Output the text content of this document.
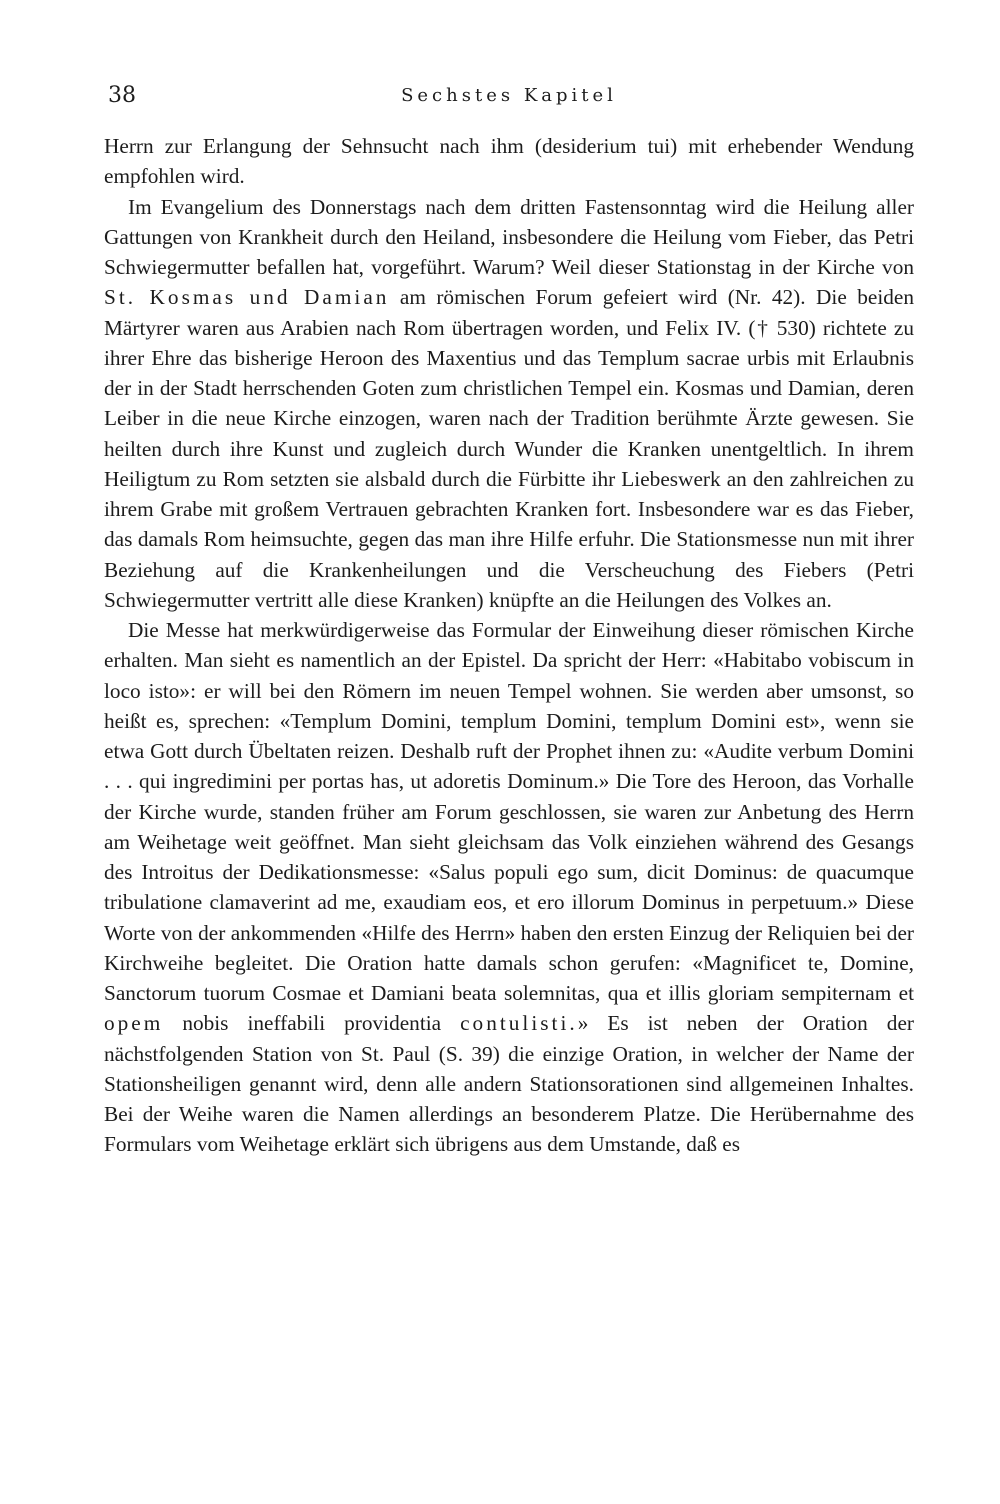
38	Sechstes Kapitel

Herrn zur Erlangung der Sehnsucht nach ihm (desiderium tui) mit erhebender Wendung empfohlen wird.

Im Evangelium des Donnerstags nach dem dritten Fastensonntag wird die Heilung aller Gattungen von Krankheit durch den Heiland, insbesondere die Heilung vom Fieber, das Petri Schwiegermutter befallen hat, vorgeführt. Warum? Weil dieser Stationstag in der Kirche von St. Kosmas und Damian am römischen Forum gefeiert wird (Nr. 42). Die beiden Märtyrer waren aus Arabien nach Rom übertragen worden, und Felix IV. († 530) richtete zu ihrer Ehre das bisherige Heroon des Maxentius und das Templum sacrae urbis mit Erlaubnis der in der Stadt herrschenden Goten zum christlichen Tempel ein. Kosmas und Damian, deren Leiber in die neue Kirche einzogen, waren nach der Tradition berühmte Ärzte gewesen. Sie heilten durch ihre Kunst und zugleich durch Wunder die Kranken unentgeltlich. In ihrem Heiligtum zu Rom setzten sie alsbald durch die Fürbitte ihr Liebeswerk an den zahlreichen zu ihrem Grabe mit großem Vertrauen gebrachten Kranken fort. Insbesondere war es das Fieber, das damals Rom heimsuchte, gegen das man ihre Hilfe erfuhr. Die Stationsmesse nun mit ihrer Beziehung auf die Krankenheilungen und die Verscheuchung des Fiebers (Petri Schwiegermutter vertritt alle diese Kranken) knüpfte an die Heilungen des Volkes an.

Die Messe hat merkwürdigerweise das Formular der Einweihung dieser römischen Kirche erhalten. Man sieht es namentlich an der Epistel. Da spricht der Herr: «Habitabo vobiscum in loco isto»: er will bei den Römern im neuen Tempel wohnen. Sie werden aber umsonst, so heißt es, sprechen: «Templum Domini, templum Domini, templum Domini est», wenn sie etwa Gott durch Übeltaten reizen. Deshalb ruft der Prophet ihnen zu: «Audite verbum Domini . . . qui ingredimini per portas has, ut adoretis Dominum.» Die Tore des Heroon, das Vorhalle der Kirche wurde, standen früher am Forum geschlossen, sie waren zur Anbetung des Herrn am Weihetage weit geöffnet. Man sieht gleichsam das Volk einziehen während des Gesangs des Introitus der Dedikationsmesse: «Salus populi ego sum, dicit Dominus: de quacumque tribulatione clamaverint ad me, exaudiam eos, et ero illorum Dominus in perpetuum.» Diese Worte von der ankommenden «Hilfe des Herrn» haben den ersten Einzug der Reliquien bei der Kirchweihe begleitet. Die Oration hatte damals schon gerufen: «Magnificet te, Domine, Sanctorum tuorum Cosmae et Damiani beata solemnitas, qua et illis gloriam sempiternam et opem nobis ineffabili providentia contulisti.» Es ist neben der Oration der nächstfolgenden Station von St. Paul (S. 39) die einzige Oration, in welcher der Name der Stationsheiligen genannt wird, denn alle andern Stationsorationen sind allgemeinen Inhaltes. Bei der Weihe waren die Namen allerdings an besonderem Platze. Die Herübernahme des Formulars vom Weihetage erklärt sich übrigens aus dem Umstande, daß es
